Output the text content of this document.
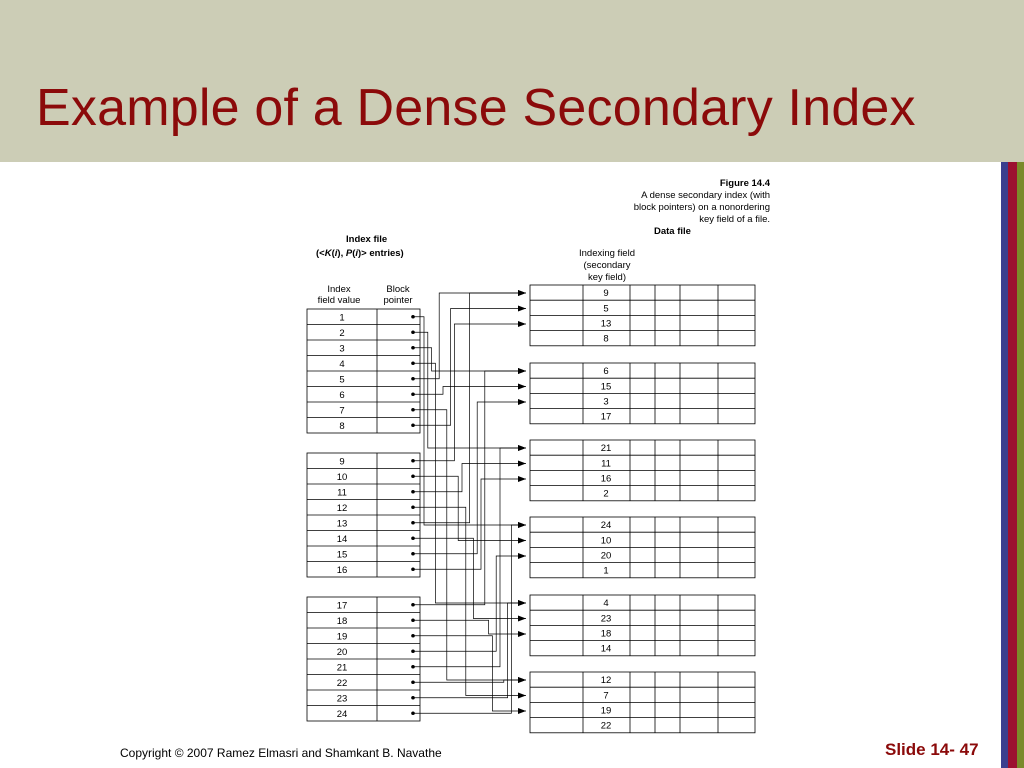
Example of a Dense Secondary Index
Figure 14.4
A dense secondary index (with
block pointers) on a nonordering
key field of a file.
Data file
Index file
(<K(i), P(i)> entries)
Index
field value
Block
pointer
Indexing field
(secondary
key field)
1
2
3
4
5
6
7
8
9
10
11
12
13
14
15
16
17
18
19
20
21
22
23
24
9
5
13
8
6
15
3
17
21
11
16
2
24
10
20
1
4
23
18
14
12
7
19
22
Copyright © 2007 Ramez Elmasri and Shamkant B. Navathe	Slide 14- 47
